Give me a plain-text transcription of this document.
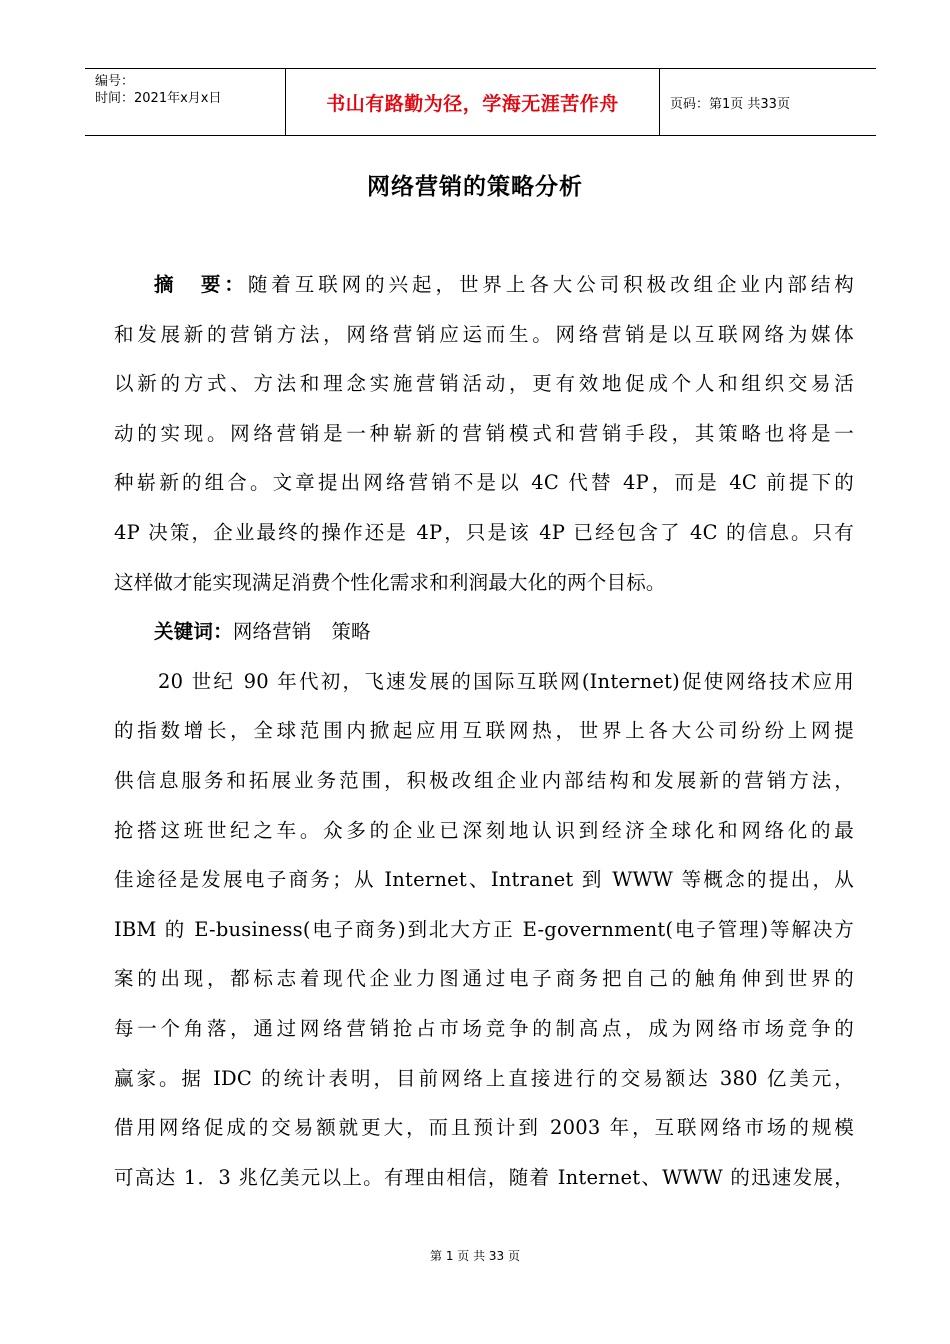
编号：
时间：2021年x月x日	书山有路勤为径，学海无涯苦作舟	页码：第1页 共33页
网络营销的策略分析
摘　要：随着互联网的兴起，世界上各大公司积极改组企业内部结构
和发展新的营销方法，网络营销应运而生。网络营销是以互联网络为媒体
以新的方式、方法和理念实施营销活动，更有效地促成个人和组织交易活
动的实现。网络营销是一种崭新的营销模式和营销手段，其策略也将是一
种崭新的组合。文章提出网络营销不是以 4C 代替 4P，而是 4C 前提下的
4P 决策，企业最终的操作还是 4P，只是该 4P 已经包含了 4C 的信息。只有
这样做才能实现满足消费个性化需求和利润最大化的两个目标。
关键词：网络营销　策略
20 世纪 90 年代初，飞速发展的国际互联网(Internet)促使网络技术应用
的指数增长，全球范围内掀起应用互联网热，世界上各大公司纷纷上网提
供信息服务和拓展业务范围，积极改组企业内部结构和发展新的营销方法，
抢搭这班世纪之车。众多的企业已深刻地认识到经济全球化和网络化的最
佳途径是发展电子商务；从 Internet、Intranet 到 WWW 等概念的提出，从
IBM 的 E-business(电子商务)到北大方正 E-government(电子管理)等解决方
案的出现，都标志着现代企业力图通过电子商务把自己的触角伸到世界的
每一个角落，通过网络营销抢占市场竞争的制高点，成为网络市场竞争的
赢家。据 IDC 的统计表明，目前网络上直接进行的交易额达 380 亿美元，
借用网络促成的交易额就更大，而且预计到 2003 年，互联网络市场的规模
可高达 1．3 兆亿美元以上。有理由相信，随着 Internet、WWW 的迅速发展，
第 1 页 共 33 页
